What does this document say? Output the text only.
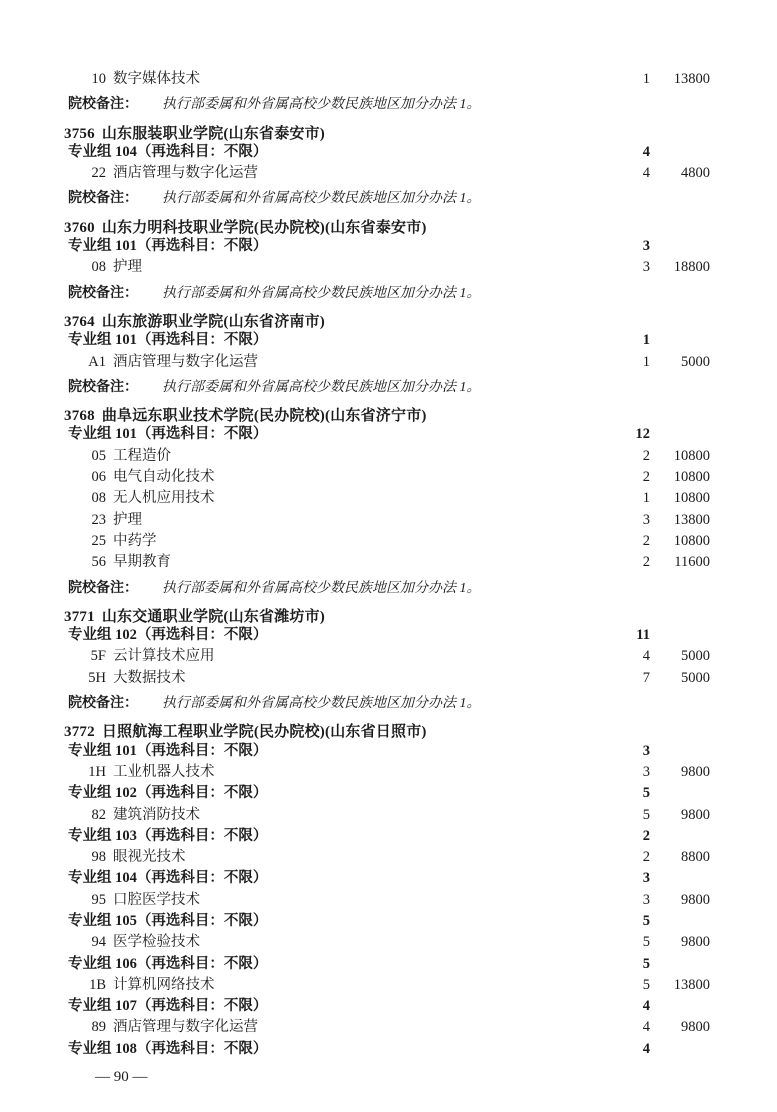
10 数字媒体技术	1	13800
院校备注： 执行部委属和外省属高校少数民族地区加分办法 1。
3756 山东服装职业学院(山东省泰安市)
专业组 104（再选科目：不限）	4
22 酒店管理与数字化运营	4	4800
院校备注： 执行部委属和外省属高校少数民族地区加分办法 1。
3760 山东力明科技职业学院(民办院校)(山东省泰安市)
专业组 101（再选科目：不限）	3
08 护理	3	18800
院校备注： 执行部委属和外省属高校少数民族地区加分办法 1。
3764 山东旅游职业学院(山东省济南市)
专业组 101（再选科目：不限）	1
A1 酒店管理与数字化运营	1	5000
院校备注： 执行部委属和外省属高校少数民族地区加分办法 1。
3768 曲阜远东职业技术学院(民办院校)(山东省济宁市)
专业组 101（再选科目：不限）	12
05 工程造价	2	10800
06 电气自动化技术	2	10800
08 无人机应用技术	1	10800
23 护理	3	13800
25 中药学	2	10800
56 早期教育	2	11600
院校备注： 执行部委属和外省属高校少数民族地区加分办法 1。
3771 山东交通职业学院(山东省潍坊市)
专业组 102（再选科目：不限）	11
5F 云计算技术应用	4	5000
5H 大数据技术	7	5000
院校备注： 执行部委属和外省属高校少数民族地区加分办法 1。
3772 日照航海工程职业学院(民办院校)(山东省日照市)
专业组 101（再选科目：不限）	3
1H 工业机器人技术	3	9800
专业组 102（再选科目：不限）	5
82 建筑消防技术	5	9800
专业组 103（再选科目：不限）	2
98 眼视光技术	2	8800
专业组 104（再选科目：不限）	3
95 口腔医学技术	3	9800
专业组 105（再选科目：不限）	5
94 医学检验技术	5	9800
专业组 106（再选科目：不限）	5
1B 计算机网络技术	5	13800
专业组 107（再选科目：不限）	4
89 酒店管理与数字化运营	4	9800
专业组 108（再选科目：不限）	4
— 90 —
